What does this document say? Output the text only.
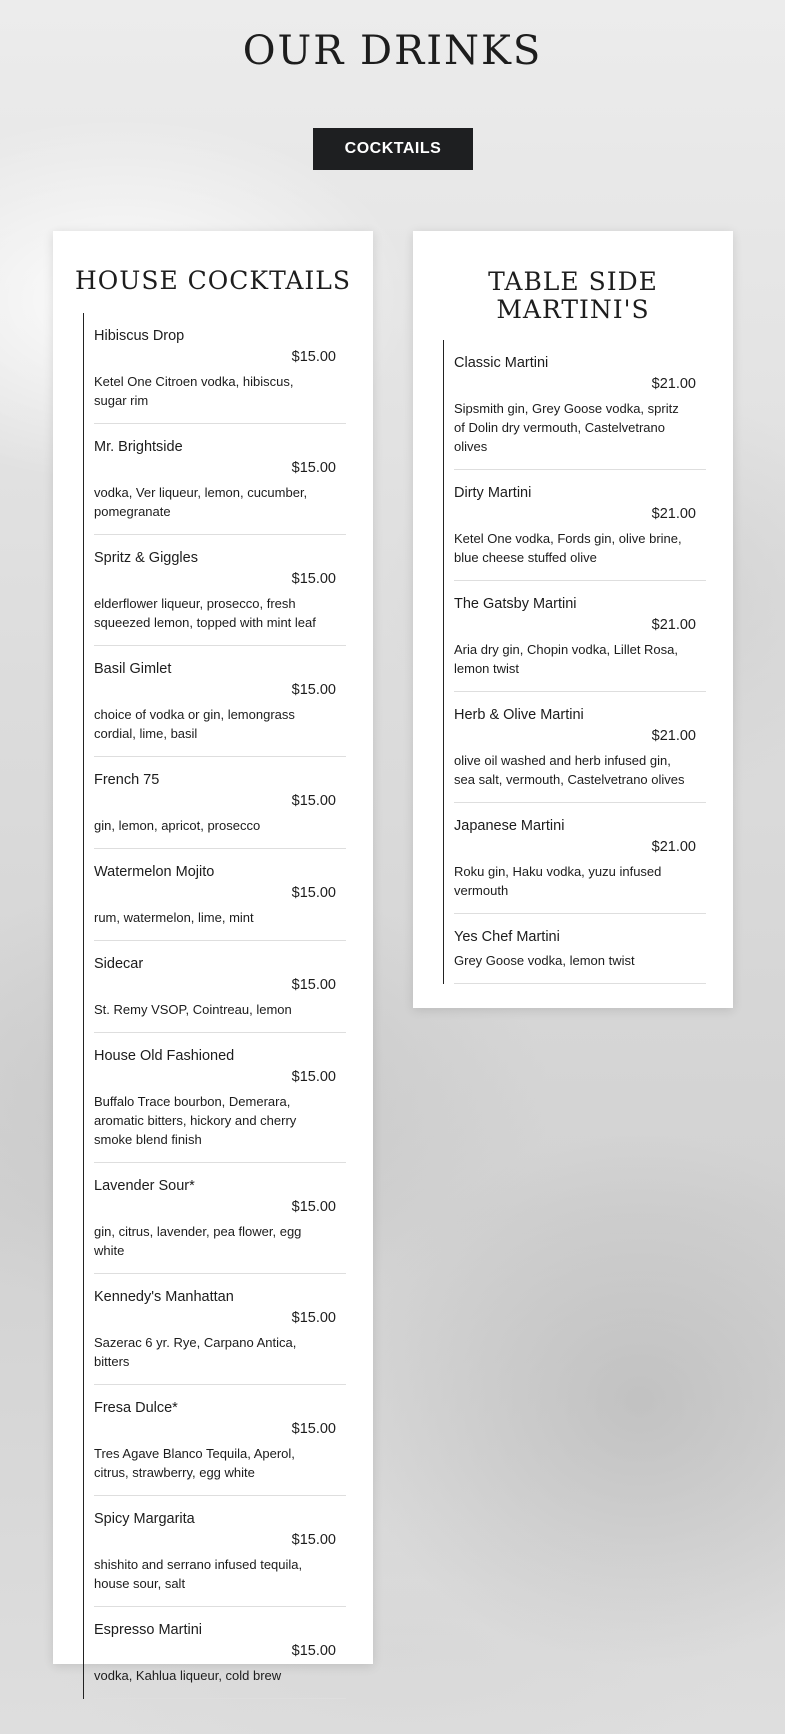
OUR DRINKS
COCKTAILS
HOUSE COCKTAILS
Hibiscus Drop
$15.00
Ketel One Citroen vodka, hibiscus, sugar rim
Mr. Brightside
$15.00
vodka, Ver liqueur, lemon, cucumber, pomegranate
Spritz & Giggles
$15.00
elderflower liqueur, prosecco, fresh squeezed lemon, topped with mint leaf
Basil Gimlet
$15.00
choice of vodka or gin, lemongrass cordial, lime, basil
French 75
$15.00
gin, lemon, apricot, prosecco
Watermelon Mojito
$15.00
rum, watermelon, lime, mint
Sidecar
$15.00
St. Remy VSOP, Cointreau, lemon
House Old Fashioned
$15.00
Buffalo Trace bourbon, Demerara, aromatic bitters, hickory and cherry smoke blend finish
Lavender Sour*
$15.00
gin, citrus, lavender, pea flower, egg white
Kennedy's Manhattan
$15.00
Sazerac 6 yr. Rye, Carpano Antica, bitters
Fresa Dulce*
$15.00
Tres Agave Blanco Tequila, Aperol, citrus, strawberry, egg white
Spicy Margarita
$15.00
shishito and serrano infused tequila, house sour, salt
Espresso Martini
$15.00
vodka, Kahlua liqueur, cold brew
TABLE SIDE MARTINI'S
Classic Martini
$21.00
Sipsmith gin, Grey Goose vodka, spritz of Dolin dry vermouth, Castelvetrano olives
Dirty Martini
$21.00
Ketel One vodka, Fords gin, olive brine, blue cheese stuffed olive
The Gatsby Martini
$21.00
Aria dry gin, Chopin vodka, Lillet Rosa, lemon twist
Herb & Olive Martini
$21.00
olive oil washed and herb infused gin, sea salt, vermouth, Castelvetrano olives
Japanese Martini
$21.00
Roku gin, Haku vodka, yuzu infused vermouth
Yes Chef Martini
Grey Goose vodka, lemon twist
